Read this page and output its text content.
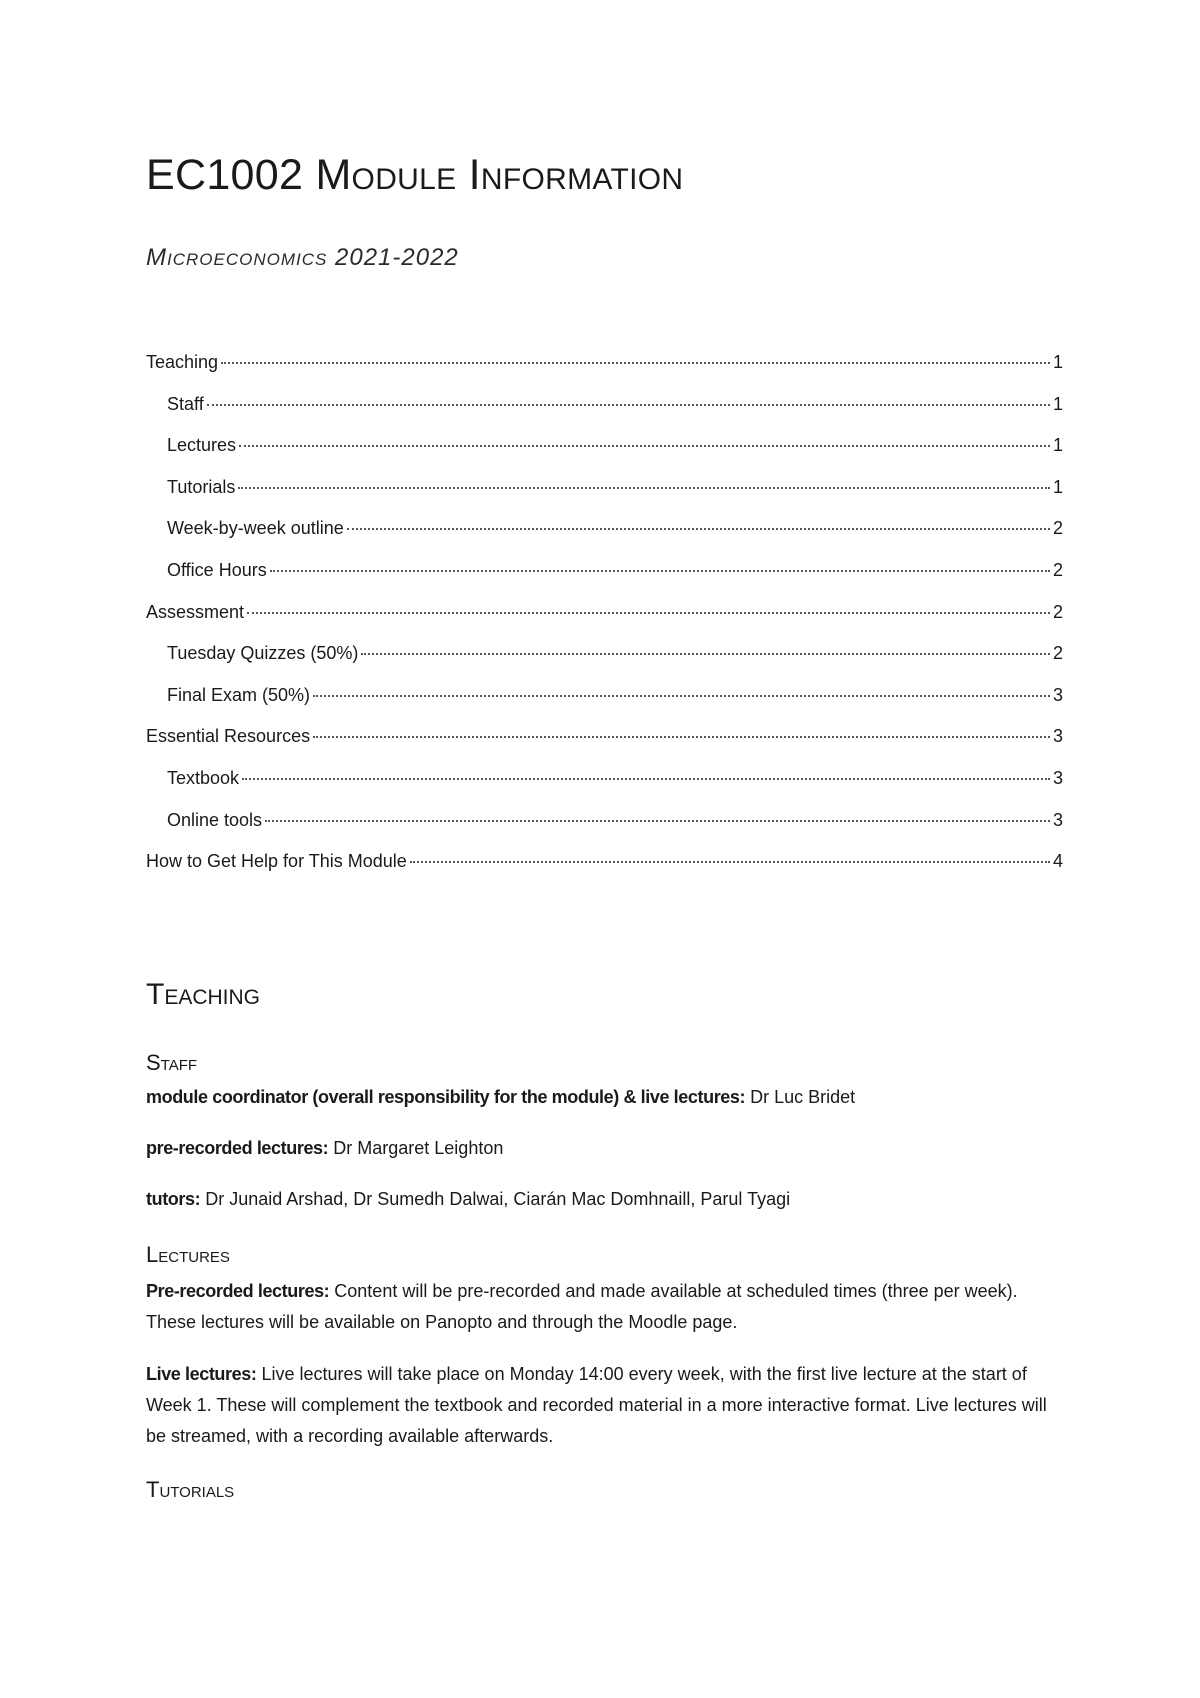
EC1002 Module Information
Microeconomics 2021-2022
Teaching	1
Staff	1
Lectures	1
Tutorials	1
Week-by-week outline	2
Office Hours	2
Assessment	2
Tuesday Quizzes (50%)	2
Final Exam (50%)	3
Essential Resources	3
Textbook	3
Online tools	3
How to Get Help for This Module	4
Teaching
Staff

module coordinator (overall responsibility for the module) & live lectures: Dr Luc Bridet

pre-recorded lectures: Dr Margaret Leighton

tutors: Dr Junaid Arshad, Dr Sumedh Dalwai, Ciarán Mac Domhnaill, Parul Tyagi

Lectures

Pre-recorded lectures: Content will be pre-recorded and made available at scheduled times (three per week). These lectures will be available on Panopto and through the Moodle page.

Live lectures: Live lectures will take place on Monday 14:00 every week, with the first live lecture at the start of Week 1. These will complement the textbook and recorded material in a more interactive format. Live lectures will be streamed, with a recording available afterwards.

Tutorials
